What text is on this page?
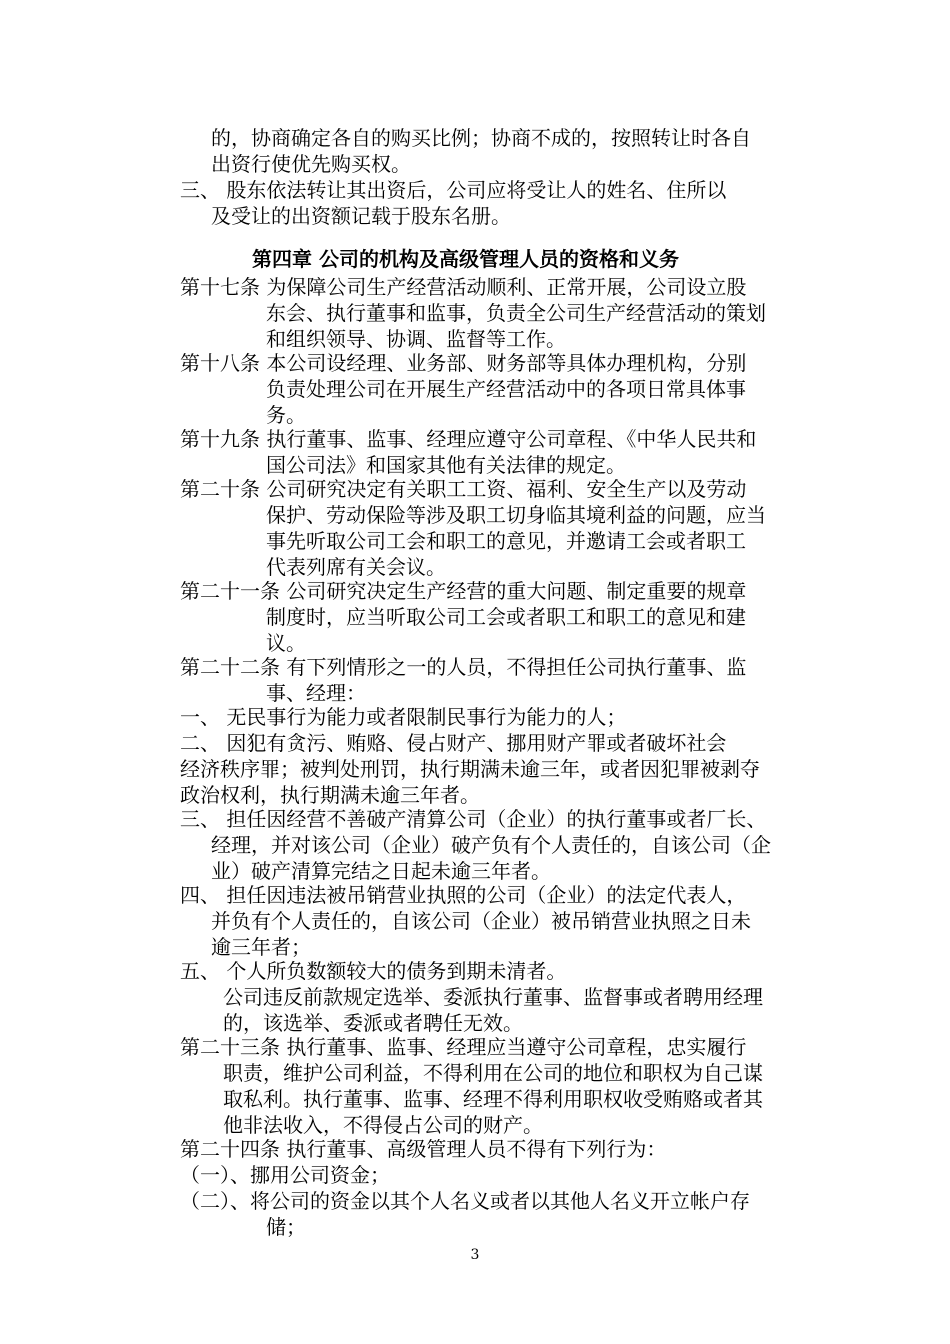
的，协商确定各自的购买比例；协商不成的，按照转让时各自
出资行使优先购买权。
三、 股东依法转让其出资后，公司应将受让人的姓名、住所以
及受让的出资额记载于股东名册。
第四章 公司的机构及高级管理人员的资格和义务
第十七条 为保障公司生产经营活动顺利、正常开展，公司设立股
东会、执行董事和监事，负责全公司生产经营活动的策划
和组织领导、协调、监督等工作。
第十八条 本公司设经理、业务部、财务部等具体办理机构，分别
负责处理公司在开展生产经营活动中的各项日常具体事
务。
第十九条 执行董事、监事、经理应遵守公司章程、《中华人民共和
国公司法》和国家其他有关法律的规定。
第二十条 公司研究决定有关职工工资、福利、安全生产以及劳动
保护、劳动保险等涉及职工切身临其境利益的问题，应当
事先听取公司工会和职工的意见，并邀请工会或者职工
代表列席有关会议。
第二十一条 公司研究决定生产经营的重大问题、制定重要的规章
制度时，应当听取公司工会或者职工和职工的意见和建
议。
第二十二条 有下列情形之一的人员，不得担任公司执行董事、监
事、经理：
一、 无民事行为能力或者限制民事行为能力的人；
二、 因犯有贪污、贿赂、侵占财产、挪用财产罪或者破坏社会
经济秩序罪；被判处刑罚，执行期满未逾三年，或者因犯罪被剥夺
政治权利，执行期满未逾三年者。
三、 担任因经营不善破产清算公司（企业）的执行董事或者厂长、
经理，并对该公司（企业）破产负有个人责任的，自该公司（企
业）破产清算完结之日起未逾三年者。
四、 担任因违法被吊销营业执照的公司（企业）的法定代表人，
并负有个人责任的，自该公司（企业）被吊销营业执照之日未
逾三年者；
五、 个人所负数额较大的债务到期未清者。
公司违反前款规定选举、委派执行董事、监督事或者聘用经理
的，该选举、委派或者聘任无效。
第二十三条 执行董事、监事、经理应当遵守公司章程，忠实履行
职责，维护公司利益，不得利用在公司的地位和职权为自己谋
取私利。执行董事、监事、经理不得利用职权收受贿赂或者其
他非法收入，不得侵占公司的财产。
第二十四条 执行董事、高级管理人员不得有下列行为：
（一）、挪用公司资金；
（二）、将公司的资金以其个人名义或者以其他人名义开立帐户存
储；
3
